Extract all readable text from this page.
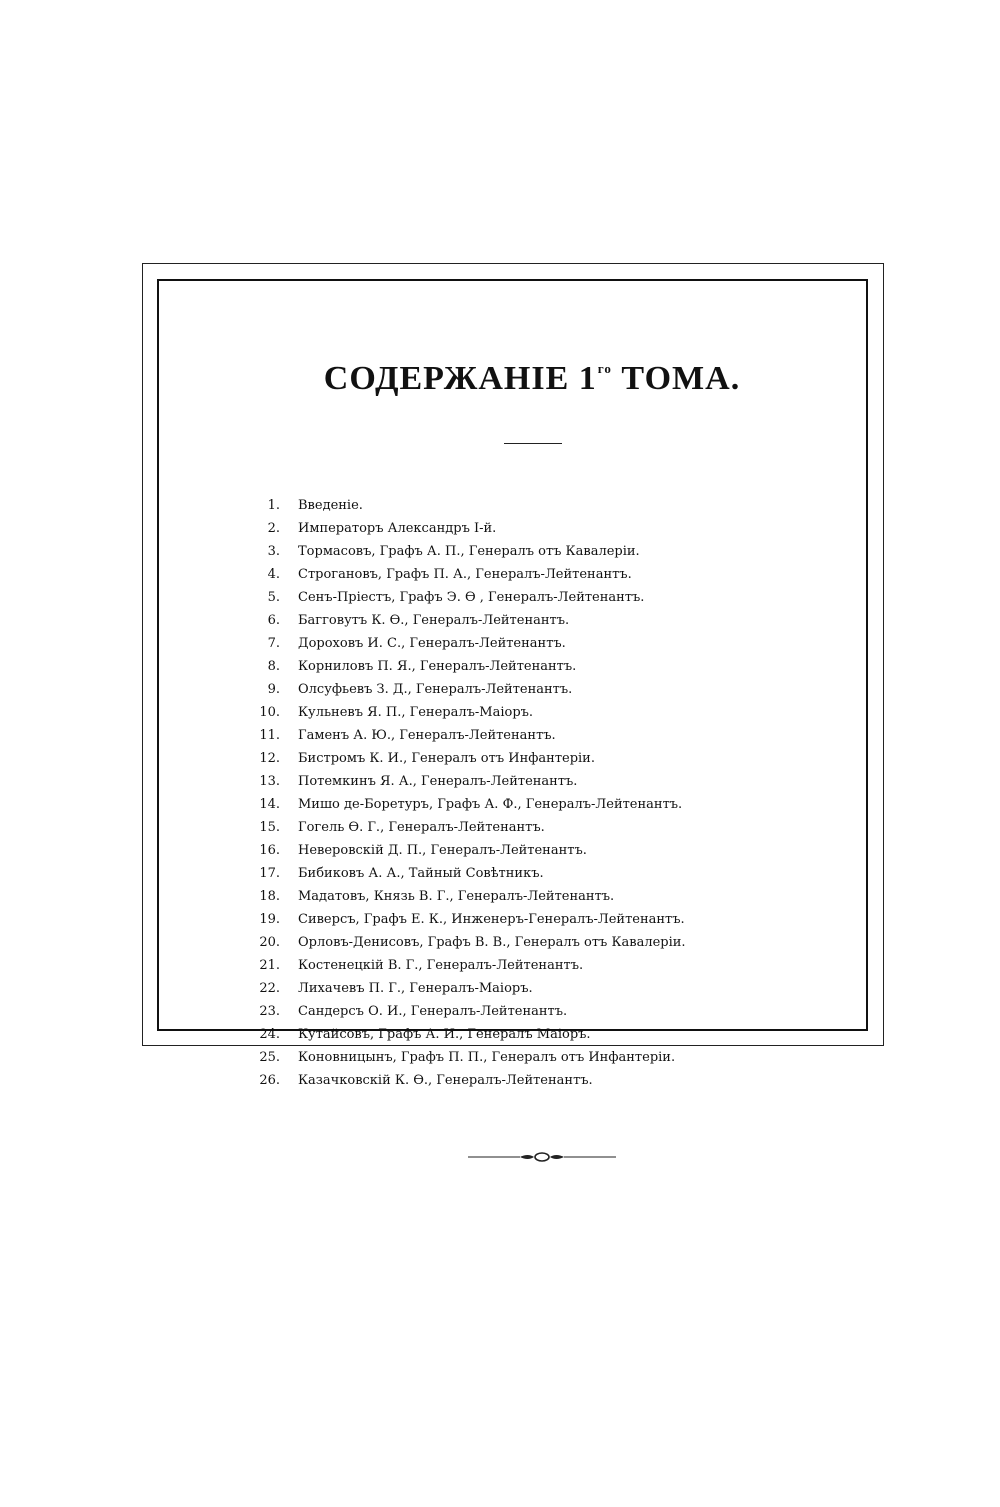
СОДЕРЖАНІЕ $1^{го}$ ТОМА.
1. Введеніе.
2. Императоръ Александръ I-й.
3. Тормасовъ, Графъ А. П., Генералъ отъ Кавалеріи.
4. Строгановъ, Графъ П. А., Генералъ-Лейтенантъ.
5. Сенъ-Пріестъ, Графъ Э. Ѳ , Генералъ-Лейтенантъ.
6. Багговутъ К. Ѳ., Генералъ-Лейтенантъ.
7. Дороховъ И. С., Генералъ-Лейтенантъ.
8. Корниловъ П. Я., Генералъ-Лейтенантъ.
9. Олсуфьевъ З. Д., Генералъ-Лейтенантъ.
10. Кульневъ Я. П., Генералъ-Маіоръ.
11. Гаменъ А. Ю., Генералъ-Лейтенантъ.
12. Бистромъ К. И., Генералъ отъ Инфантеріи.
13. Потемкинъ Я. А., Генералъ-Лейтенантъ.
14. Мишо де-Боретуръ, Графъ А. Ф., Генералъ-Лейтенантъ.
15. Гогель Ѳ. Г., Генералъ-Лейтенантъ.
16. Неверовскій Д. П., Генералъ-Лейтенантъ.
17. Бибиковъ А. А., Тайный Совѣтникъ.
18. Мадатовъ, Князь В. Г., Генералъ-Лейтенантъ.
19. Сиверсъ, Графъ Е. К., Инженеръ-Генералъ-Лейтенантъ.
20. Орловъ-Денисовъ, Графъ В. В., Генералъ отъ Кавалеріи.
21. Костенецкій В. Г., Генералъ-Лейтенантъ.
22. Лихачевъ П. Г., Генералъ-Маіоръ.
23. Сандерсъ О. И., Генералъ-Лейтенантъ.
24. Кутайсовъ, Графъ А. И., Генералъ Маіоръ.
25. Коновницынъ, Графъ П. П., Генералъ отъ Инфантеріи.
26. Казачковскій К. Ѳ., Генералъ-Лейтенантъ.
